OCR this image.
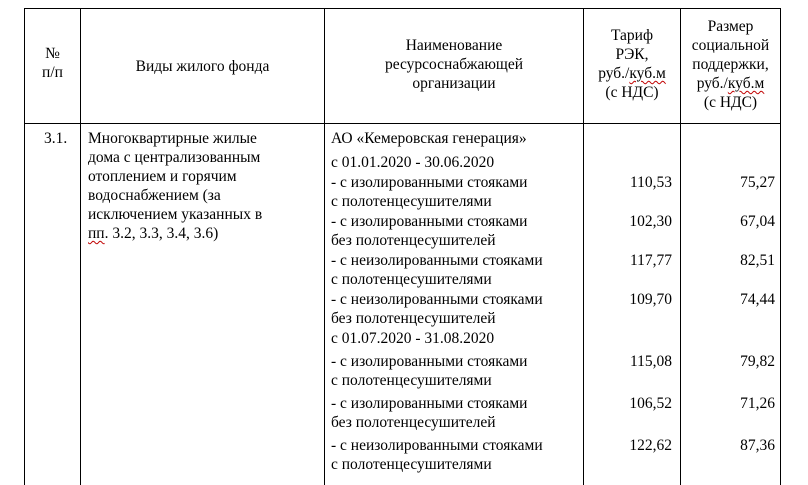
№
п/п	Виды жилого фонда
Наименование
ресурсоснабжающей
организации
Тариф
РЭК,
руб./куб.м
(с НДС)
Размер
социальной
поддержки,
руб./куб.м
(с НДС)
3.1. Многоквартирные жилые
дома с централизованным
отоплением и горячим
водоснабжением (за
исключением указанных в
пп. 3.2, 3.3, 3.4, 3.6)
АО «Кемеровская генерация»
с 01.01.2020 - 30.06.2020
- с изолированными стояками
с полотенцесушителями
- с изолированными стояками
без полотенцесушителей
- с неизолированными стояками
с полотенцесушителями
- с неизолированными стояками
без полотенцесушителей
с 01.07.2020 - 31.08.2020
- с изолированными стояками
с полотенцесушителями
- с изолированными стояками
без полотенцесушителей
- с неизолированными стояками
с полотенцесушителями
110,53
102,30
117,77
109,70
115,08
106,52
122,62
75,27
67,04
82,51
74,44
79,82
71,26
87,36
